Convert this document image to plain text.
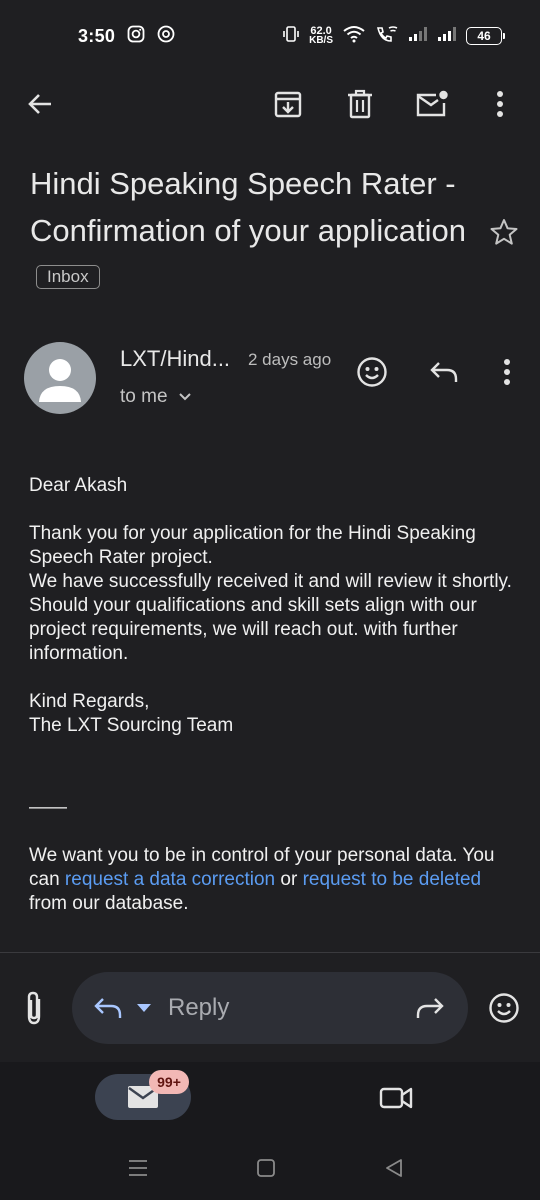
3:50	62.0
KB/S	46
Hindi Speaking Speech Rater - Confirmation of your applicationInbox
LXT/Hind... 2 days ago
to me

Dear Akash

Thank you for your application for the Hindi Speaking Speech Rater project.

We have successfully received it and will review it shortly.

Should your qualifications and skill sets align with our project requirements, we will reach out. with further information.

Kind Regards,

The LXT Sourcing Team

——

We want you to be in control of your personal data. You can request a data correction or request to be deleted from our database.

Reply
99+
